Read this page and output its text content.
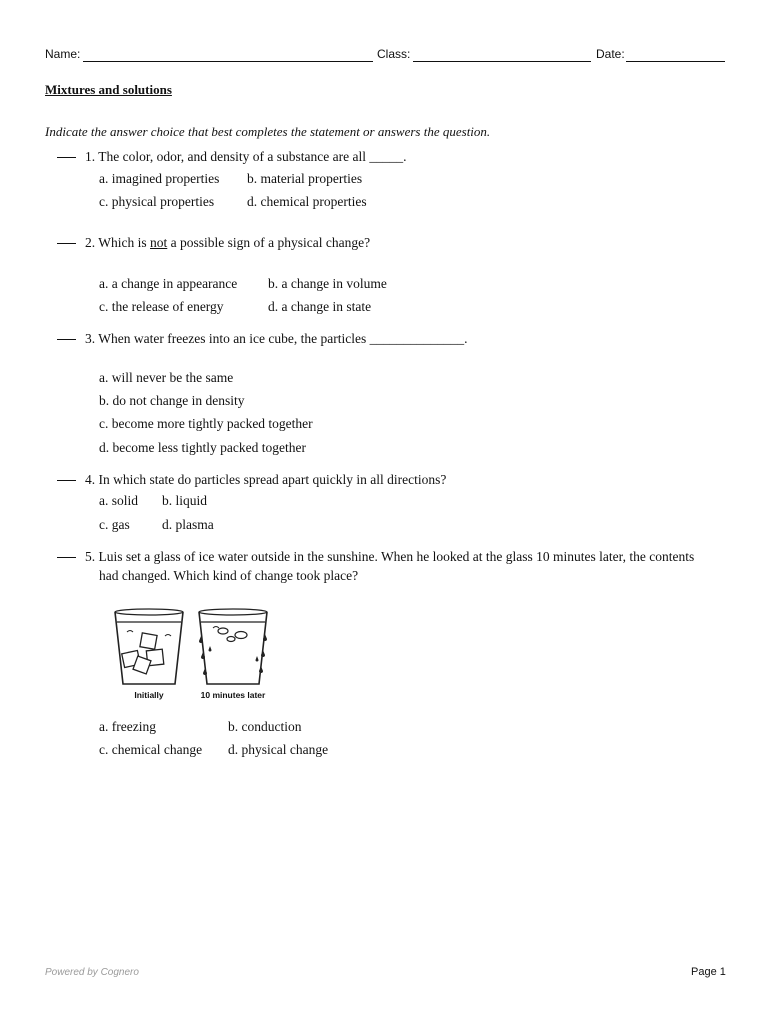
Name:	Class:	Date:
Mixtures and solutions
Indicate the answer choice that best completes the statement or answers the question.
1. The color, odor, and density of a substance are all _____.
a. imagined properties b. material properties
c. physical properties d. chemical properties
2. Which is not a possible sign of a physical change?
a. a change in appearance b. a change in volume
c. the release of energy	d. a change in state
3. When water freezes into an ice cube, the particles ______________.
a. will never be the same
b. do not change in density
c. become more tightly packed together
d. become less tightly packed together
4. In which state do particles spread apart quickly in all directions?
a. solid b. liquid
c. gas d. plasma
5. Luis set a glass of ice water outside in the sunshine. When he looked at the glass 10 minutes later, the contents
had changed. Which kind of change took place?
Initially	10 minutes later
a. freezing	b. conduction
c. chemical change d. physical change
Powered by Cognero	Page 1
